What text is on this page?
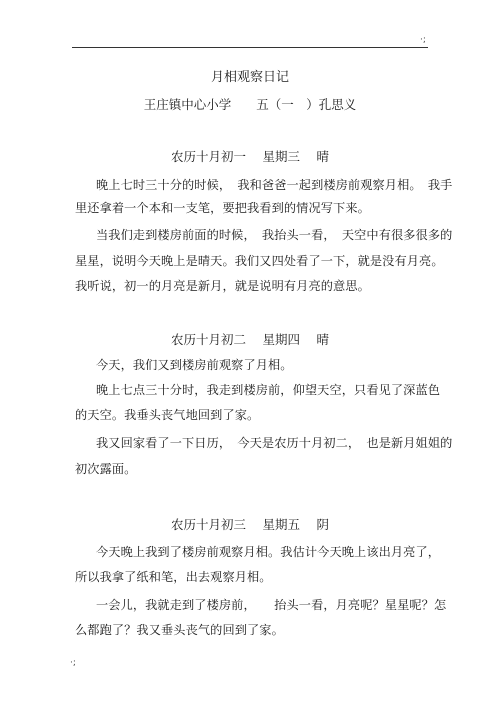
·;
月相观察日记
王庄镇中心小学　　五（一　）孔思义
农历十月初一　 星期三　 晴
晚上七时三十分的时候，　我和爸爸一起到楼房前观察月相。　我手
里还拿着一个本和一支笔，要把我看到的情况写下来。
当我们走到楼房前面的时候，　我抬头一看，　天空中有很多很多的
星星，说明今天晚上是晴天。我们又四处看了一下，就是没有月亮。
我听说，初一的月亮是新月，就是说明有月亮的意思。
农历十月初二　 星期四　 晴
今天，我们又到楼房前观察了月相。
晚上七点三十分时，我走到楼房前，仰望天空，只看见了深蓝色
的天空。我垂头丧气地回到了家。
我又回家看了一下日历，　今天是农历十月初二，　也是新月姐姐的
初次露面。
农历十月初三　 星期五　 阴
今天晚上我到了楼房前观察月相。我估计今天晚上该出月亮了，
所以我拿了纸和笔，出去观察月相。
一会儿，我就走到了楼房前，　　抬头一看，月亮呢？星星呢？怎
么都跑了？我又垂头丧气的回到了家。
·;
